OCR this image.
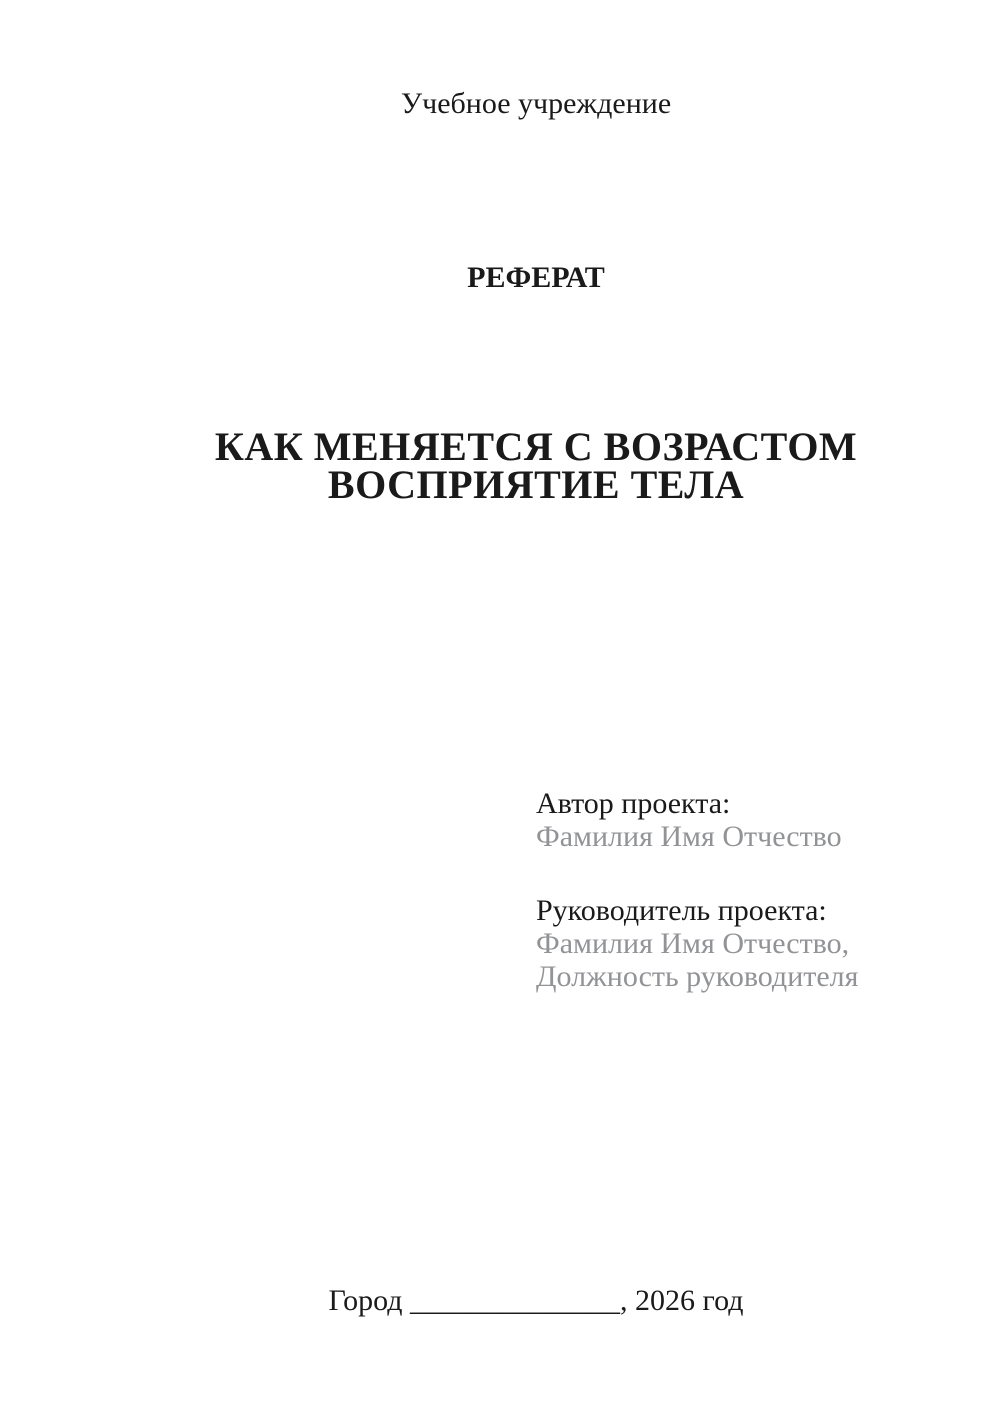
Учебное учреждение
РЕФЕРАТ
КАК МЕНЯЕТСЯ С ВОЗРАСТОМ
ВОСПРИЯТИЕ ТЕЛА
Автор проекта:
Фамилия Имя Отчество
Руководитель проекта:
Фамилия Имя Отчество,
Должность руководителя
Город ______________, 2026 год
